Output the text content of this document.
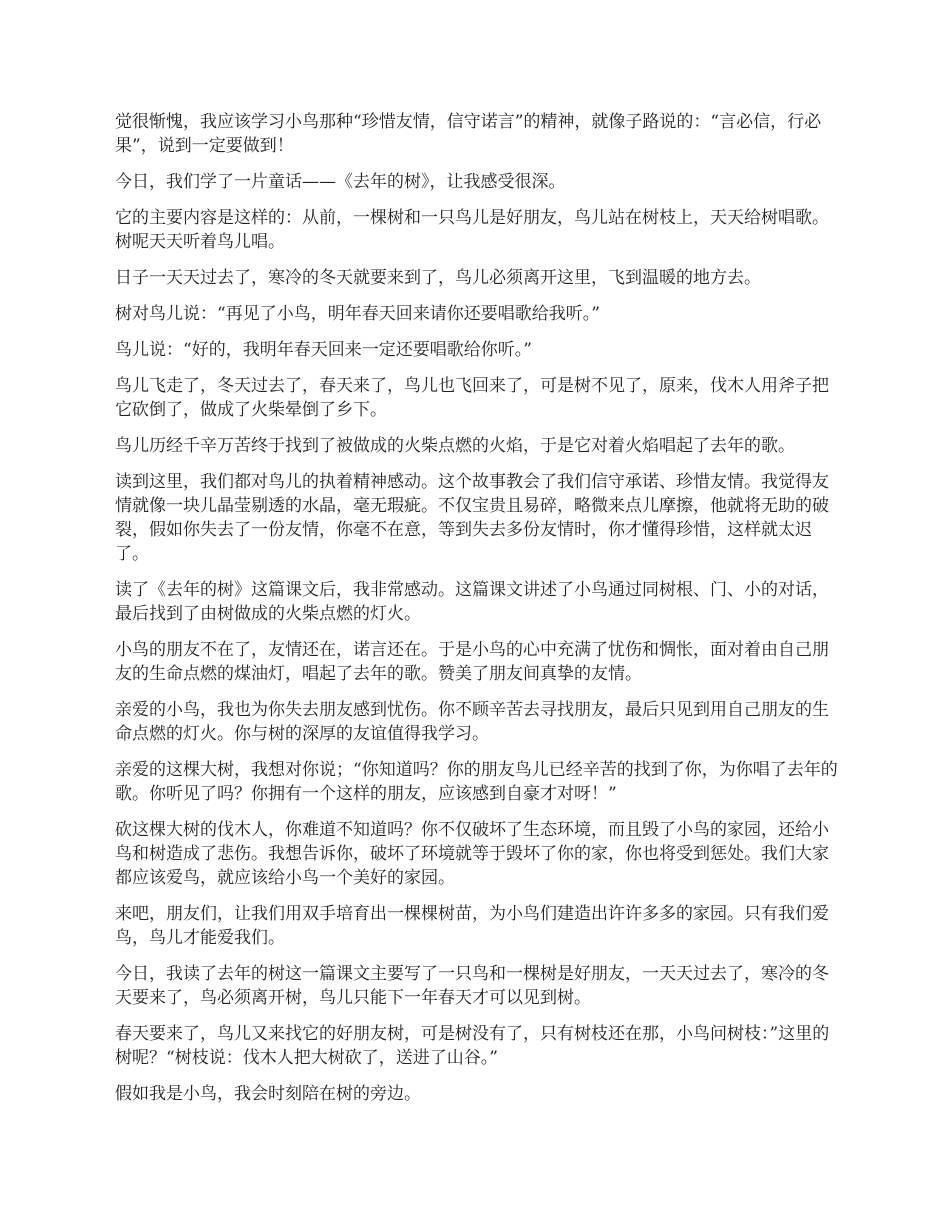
觉很惭愧，我应该学习小鸟那种“珍惜友情，信守诺言”的精神，就像子路说的：“言必信，行必果”，说到一定要做到！

今日，我们学了一片童话——《去年的树》，让我感受很深。

它的主要内容是这样的：从前，一棵树和一只鸟儿是好朋友，鸟儿站在树枝上，天天给树唱歌。树呢天天听着鸟儿唱。

日子一天天过去了，寒冷的冬天就要来到了，鸟儿必须离开这里，飞到温暖的地方去。

树对鸟儿说：“再见了小鸟，明年春天回来请你还要唱歌给我听。”

鸟儿说：“好的，我明年春天回来一定还要唱歌给你听。”

鸟儿飞走了，冬天过去了，春天来了，鸟儿也飞回来了，可是树不见了，原来，伐木人用斧子把它砍倒了，做成了火柴晕倒了乡下。

鸟儿历经千辛万苦终于找到了被做成的火柴点燃的火焰，于是它对着火焰唱起了去年的歌。

读到这里，我们都对鸟儿的执着精神感动。这个故事教会了我们信守承诺、珍惜友情。我觉得友情就像一块儿晶莹剔透的水晶，毫无瑕疵。不仅宝贵且易碎，略微来点儿摩擦，他就将无助的破裂，假如你失去了一份友情，你毫不在意，等到失去多份友情时，你才懂得珍惜，这样就太迟了。

读了《去年的树》这篇课文后，我非常感动。这篇课文讲述了小鸟通过同树根、门、小的对话，最后找到了由树做成的火柴点燃的灯火。

小鸟的朋友不在了，友情还在，诺言还在。于是小鸟的心中充满了忧伤和惆怅，面对着由自己朋友的生命点燃的煤油灯，唱起了去年的歌。赞美了朋友间真挚的友情。

亲爱的小鸟，我也为你失去朋友感到忧伤。你不顾辛苦去寻找朋友，最后只见到用自己朋友的生命点燃的灯火。你与树的深厚的友谊值得我学习。

亲爱的这棵大树，我想对你说；“你知道吗？你的朋友鸟儿已经辛苦的找到了你，为你唱了去年的歌。你听见了吗？你拥有一个这样的朋友，应该感到自豪才对呀！”

砍这棵大树的伐木人，你难道不知道吗？你不仅破坏了生态环境，而且毁了小鸟的家园，还给小鸟和树造成了悲伤。我想告诉你，破坏了环境就等于毁坏了你的家，你也将受到惩处。我们大家都应该爱鸟，就应该给小鸟一个美好的家园。

来吧，朋友们，让我们用双手培育出一棵棵树苗，为小鸟们建造出许许多多的家园。只有我们爱鸟，鸟儿才能爱我们。

今日，我读了去年的树这一篇课文主要写了一只鸟和一棵树是好朋友，一天天过去了，寒冷的冬天要来了，鸟必须离开树，鸟儿只能下一年春天才可以见到树。

春天要来了，鸟儿又来找它的好朋友树，可是树没有了，只有树枝还在那，小鸟问树枝：”这里的树呢？“树枝说：伐木人把大树砍了，送进了山谷。”

假如我是小鸟，我会时刻陪在树的旁边。
